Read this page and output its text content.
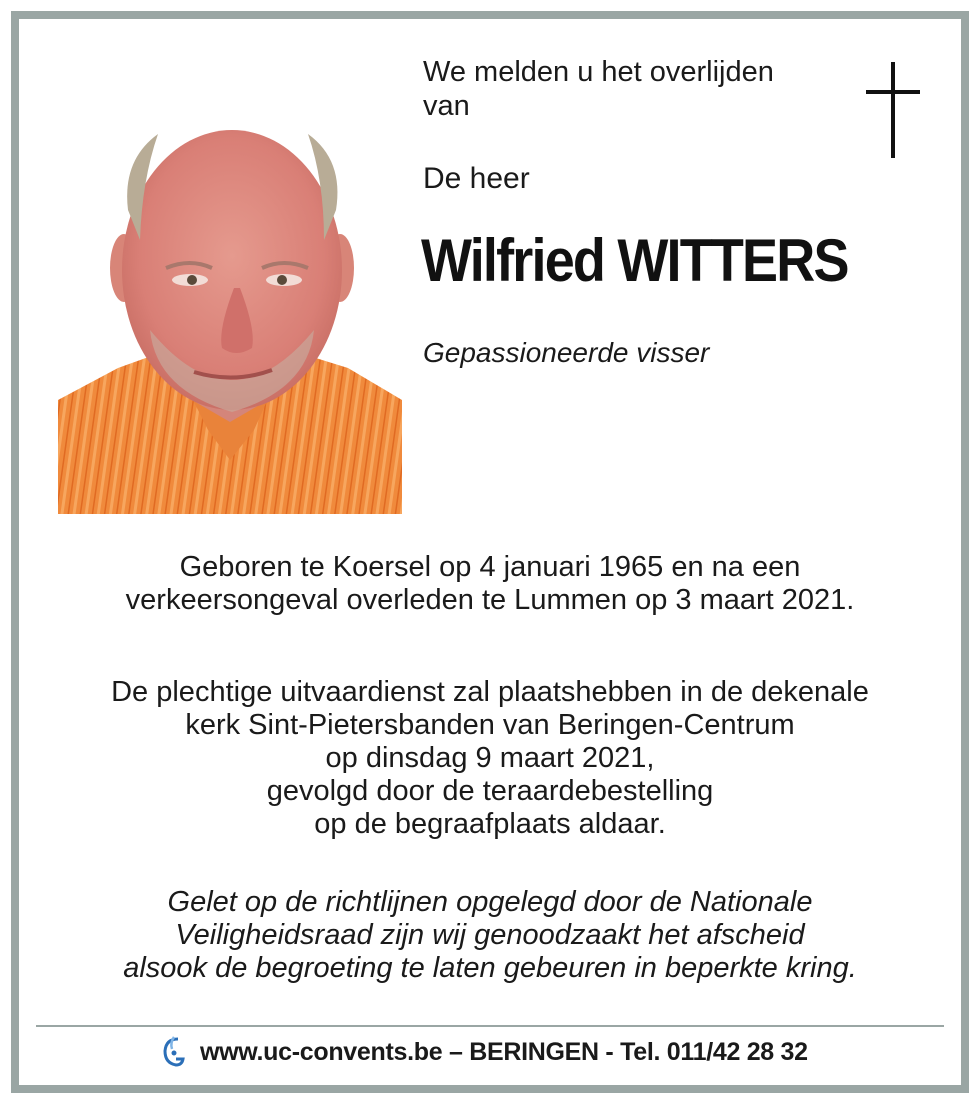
We melden u het overlijden
van
De heer
Wilfried WITTERS
Gepassioneerde visser

Geboren te Koersel op 4 januari 1965 en na een

verkeersongeval overleden te Lummen op 3 maart 2021.

De plechtige uitvaardienst zal plaatshebben in de dekenale

kerk Sint-Pietersbanden van Beringen-Centrum

op dinsdag 9 maart 2021,

gevolgd door de teraardebestelling

op de begraafplaats aldaar.

Gelet op de richtlijnen opgelegd door de Nationale

Veiligheidsraad zijn wij genoodzaakt het afscheid

alsook de begroeting te laten gebeuren in beperkte kring.

www.uc-convents.be – BERINGEN - Tel. 011/42 28 32
